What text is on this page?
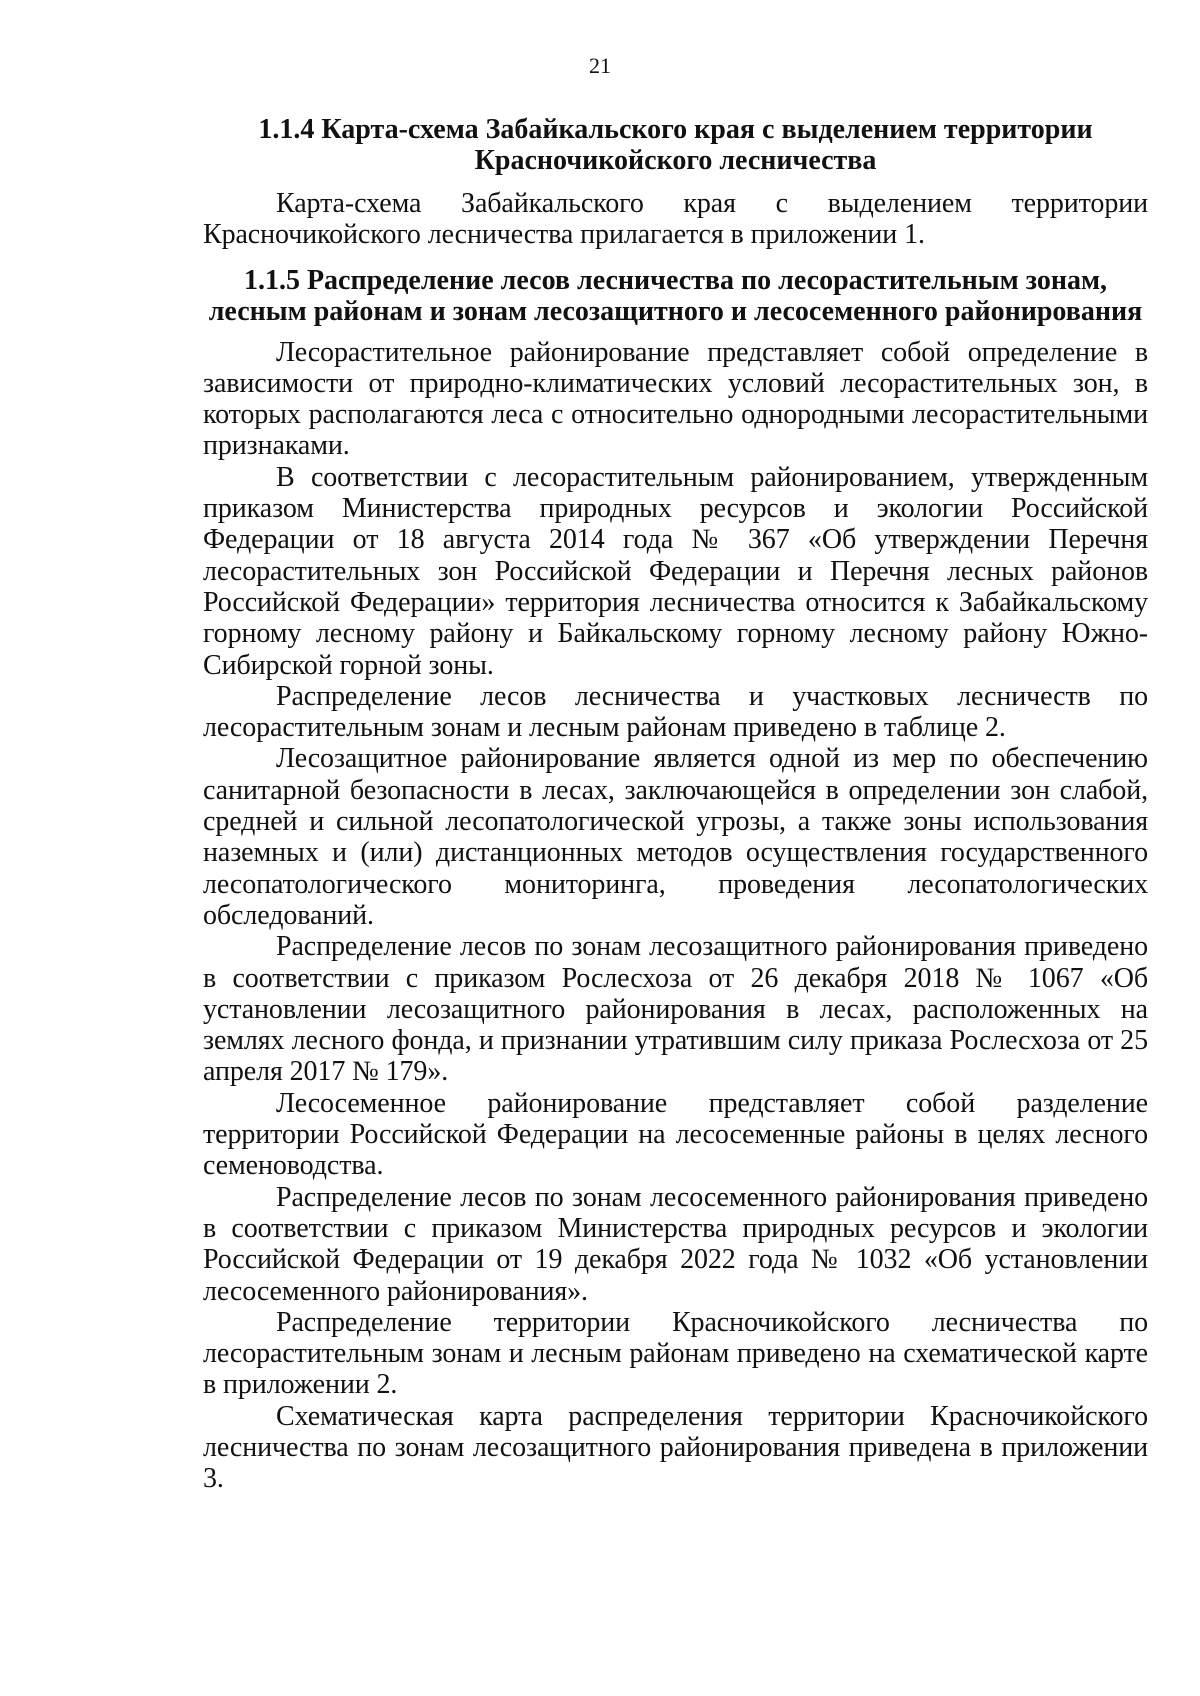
21
1.1.4 Карта-схема Забайкальского края с выделением территории
Красночикойского лесничества

Карта-схема Забайкальского края с выделением территории Красночикойского лесничества прилагается в приложении 1.

1.1.5 Распределение лесов лесничества по лесорастительным зонам,
лесным районам и зонам лесозащитного и лесосеменного районирования

Лесорастительное районирование представляет собой определение в зависимости от природно-климатических условий лесорастительных зон, в которых располагаются леса с относительно однородными лесорастительными признаками.

В соответствии с лесорастительным районированием, утвержденным приказом Министерства природных ресурсов и экологии Российской Федерации от 18 августа 2014 года № 367 «Об утверждении Перечня лесорастительных зон Российской Федерации и Перечня лесных районов Российской Федерации» территория лесничества относится к Забайкальскому горному лесному району и Байкальскому горному лесному району Южно-Сибирской горной зоны.

Распределение лесов лесничества и участковых лесничеств по лесорастительным зонам и лесным районам приведено в таблице 2.

Лесозащитное районирование является одной из мер по обеспечению санитарной безопасности в лесах, заключающейся в определении зон слабой, средней и сильной лесопатологической угрозы, а также зоны использования наземных и (или) дистанционных методов осуществления государственного лесопатологического мониторинга, проведения лесопатологических обследований.

Распределение лесов по зонам лесозащитного районирования приведено в соответствии с приказом Рослесхоза от 26 декабря 2018 № 1067 «Об установлении лесозащитного районирования в лесах, расположенных на землях лесного фонда, и признании утратившим силу приказа Рослесхоза от 25 апреля 2017 № 179».

Лесосеменное районирование представляет собой разделение территории Российской Федерации на лесосеменные районы в целях лесного семеноводства.

Распределение лесов по зонам лесосеменного районирования приведено в соответствии с приказом Министерства природных ресурсов и экологии Российской Федерации от 19 декабря 2022 года № 1032 «Об установлении лесосеменного районирования».

Распределение территории Красночикойского лесничества по лесорастительным зонам и лесным районам приведено на схематической карте в приложении 2.

Схематическая карта распределения территории Красночикойского лесничества по зонам лесозащитного районирования приведена в приложении 3.
